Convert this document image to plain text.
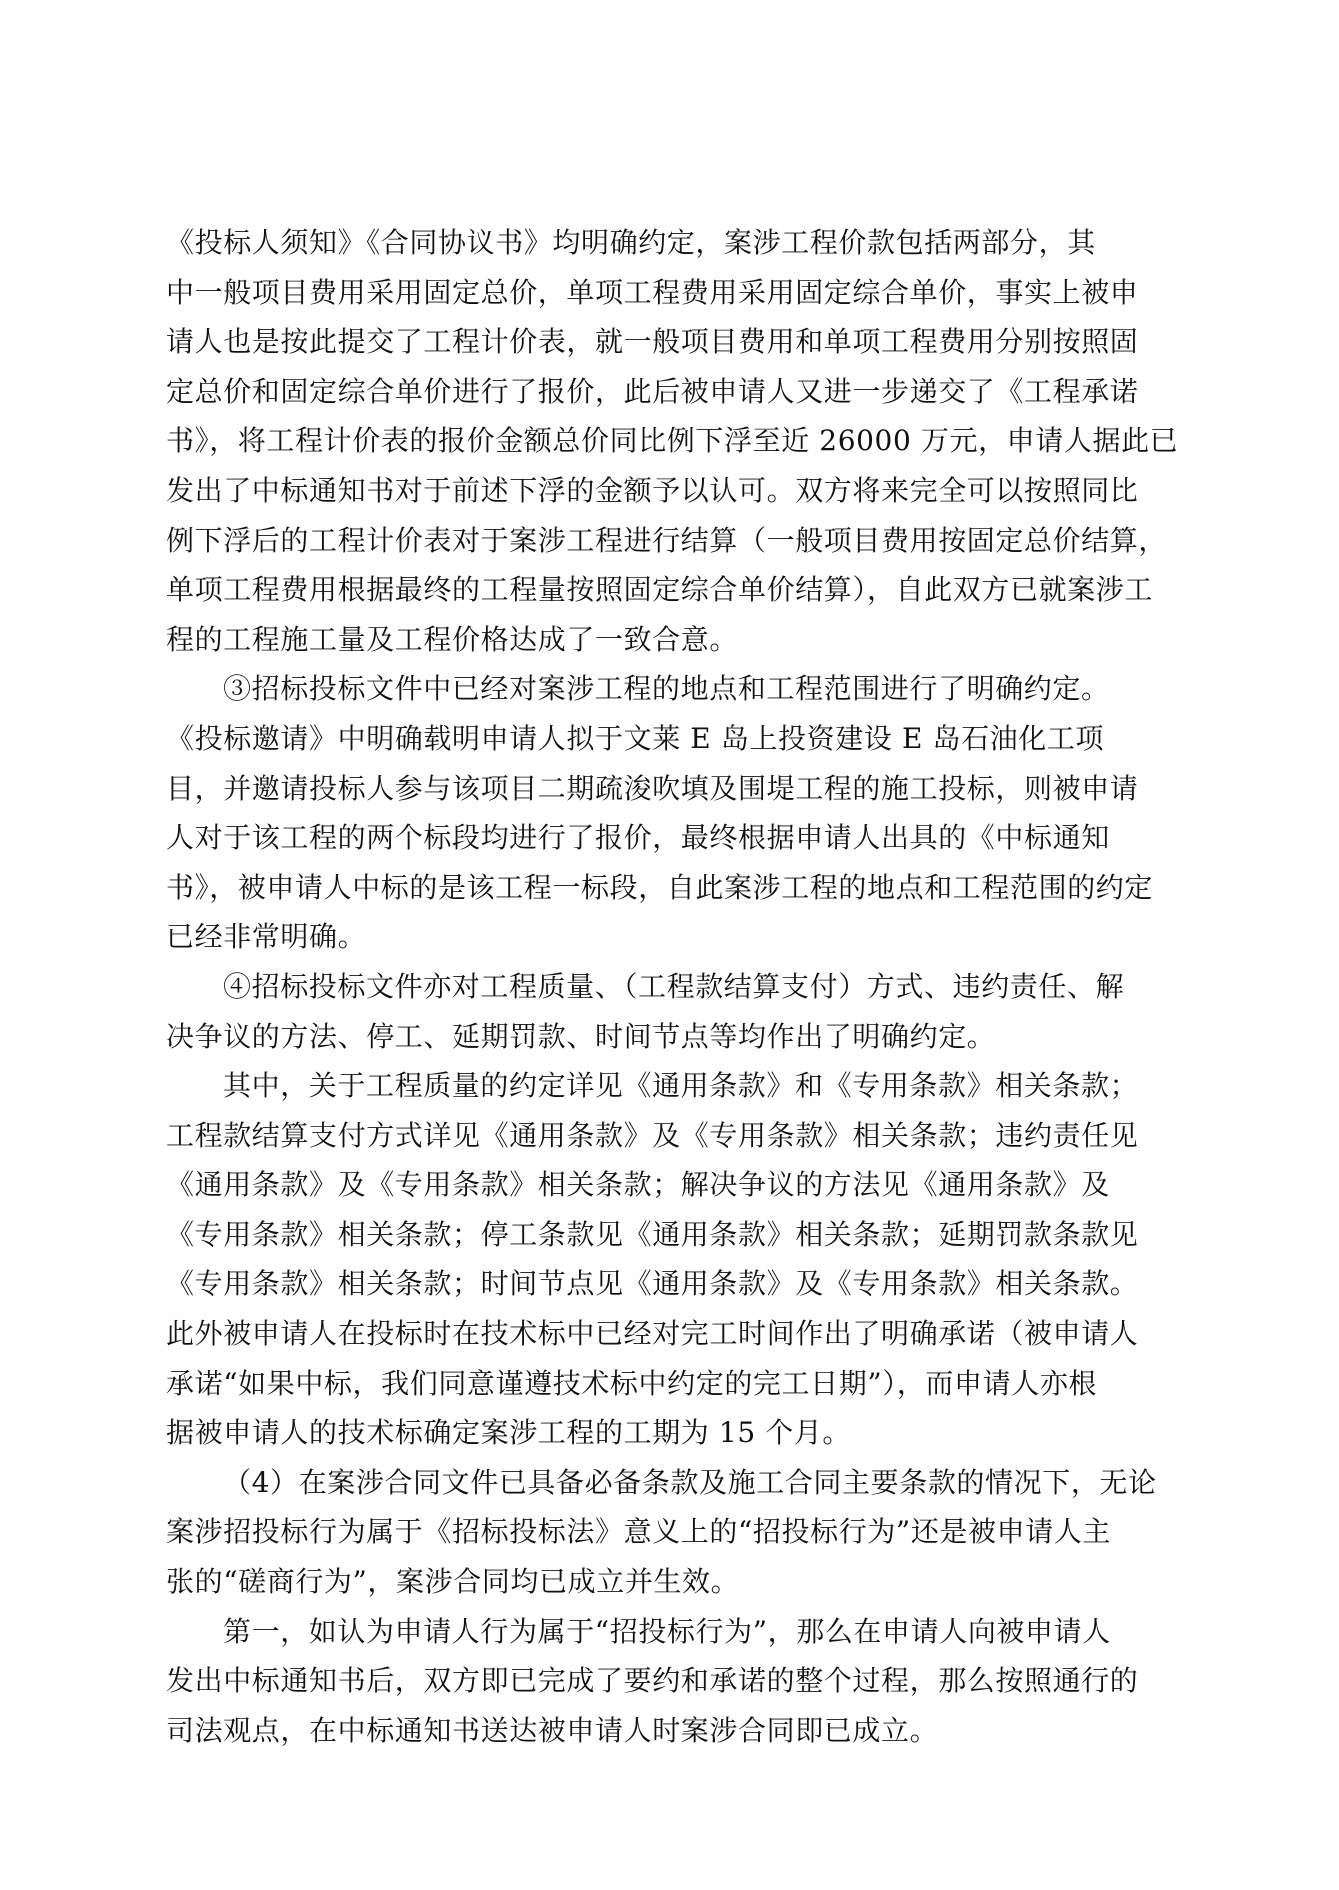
《投标人须知》《合同协议书》均明确约定，案涉工程价款包括两部分，其
中一般项目费用采用固定总价，单项工程费用采用固定综合单价，事实上被申
请人也是按此提交了工程计价表，就一般项目费用和单项工程费用分别按照固
定总价和固定综合单价进行了报价，此后被申请人又进一步递交了《工程承诺
书》，将工程计价表的报价金额总价同比例下浮至近 26000 万元，申请人据此已
发出了中标通知书对于前述下浮的金额予以认可。双方将来完全可以按照同比
例下浮后的工程计价表对于案涉工程进行结算（一般项目费用按固定总价结算，
单项工程费用根据最终的工程量按照固定综合单价结算），自此双方已就案涉工
程的工程施工量及工程价格达成了一致合意。

③招标投标文件中已经对案涉工程的地点和工程范围进行了明确约定。

《投标邀请》中明确载明申请人拟于文莱 E 岛上投资建设 E 岛石油化工项
目，并邀请投标人参与该项目二期疏浚吹填及围堤工程的施工投标，则被申请
人对于该工程的两个标段均进行了报价，最终根据申请人出具的《中标通知
书》，被申请人中标的是该工程一标段，自此案涉工程的地点和工程范围的约定
已经非常明确。

④招标投标文件亦对工程质量、（工程款结算支付）方式、违约责任、解
决争议的方法、停工、延期罚款、时间节点等均作出了明确约定。

其中，关于工程质量的约定详见《通用条款》和《专用条款》相关条款；
工程款结算支付方式详见《通用条款》及《专用条款》相关条款；违约责任见
《通用条款》及《专用条款》相关条款；解决争议的方法见《通用条款》及
《专用条款》相关条款；停工条款见《通用条款》相关条款；延期罚款条款见
《专用条款》相关条款；时间节点见《通用条款》及《专用条款》相关条款。
此外被申请人在投标时在技术标中已经对完工时间作出了明确承诺（被申请人
承诺“如果中标，我们同意谨遵技术标中约定的完工日期”），而申请人亦根
据被申请人的技术标确定案涉工程的工期为 15 个月。

（4）在案涉合同文件已具备必备条款及施工合同主要条款的情况下，无论
案涉招投标行为属于《招标投标法》意义上的“招投标行为”还是被申请人主
张的“磋商行为”，案涉合同均已成立并生效。

第一，如认为申请人行为属于“招投标行为”，那么在申请人向被申请人
发出中标通知书后，双方即已完成了要约和承诺的整个过程，那么按照通行的
司法观点，在中标通知书送达被申请人时案涉合同即已成立。
